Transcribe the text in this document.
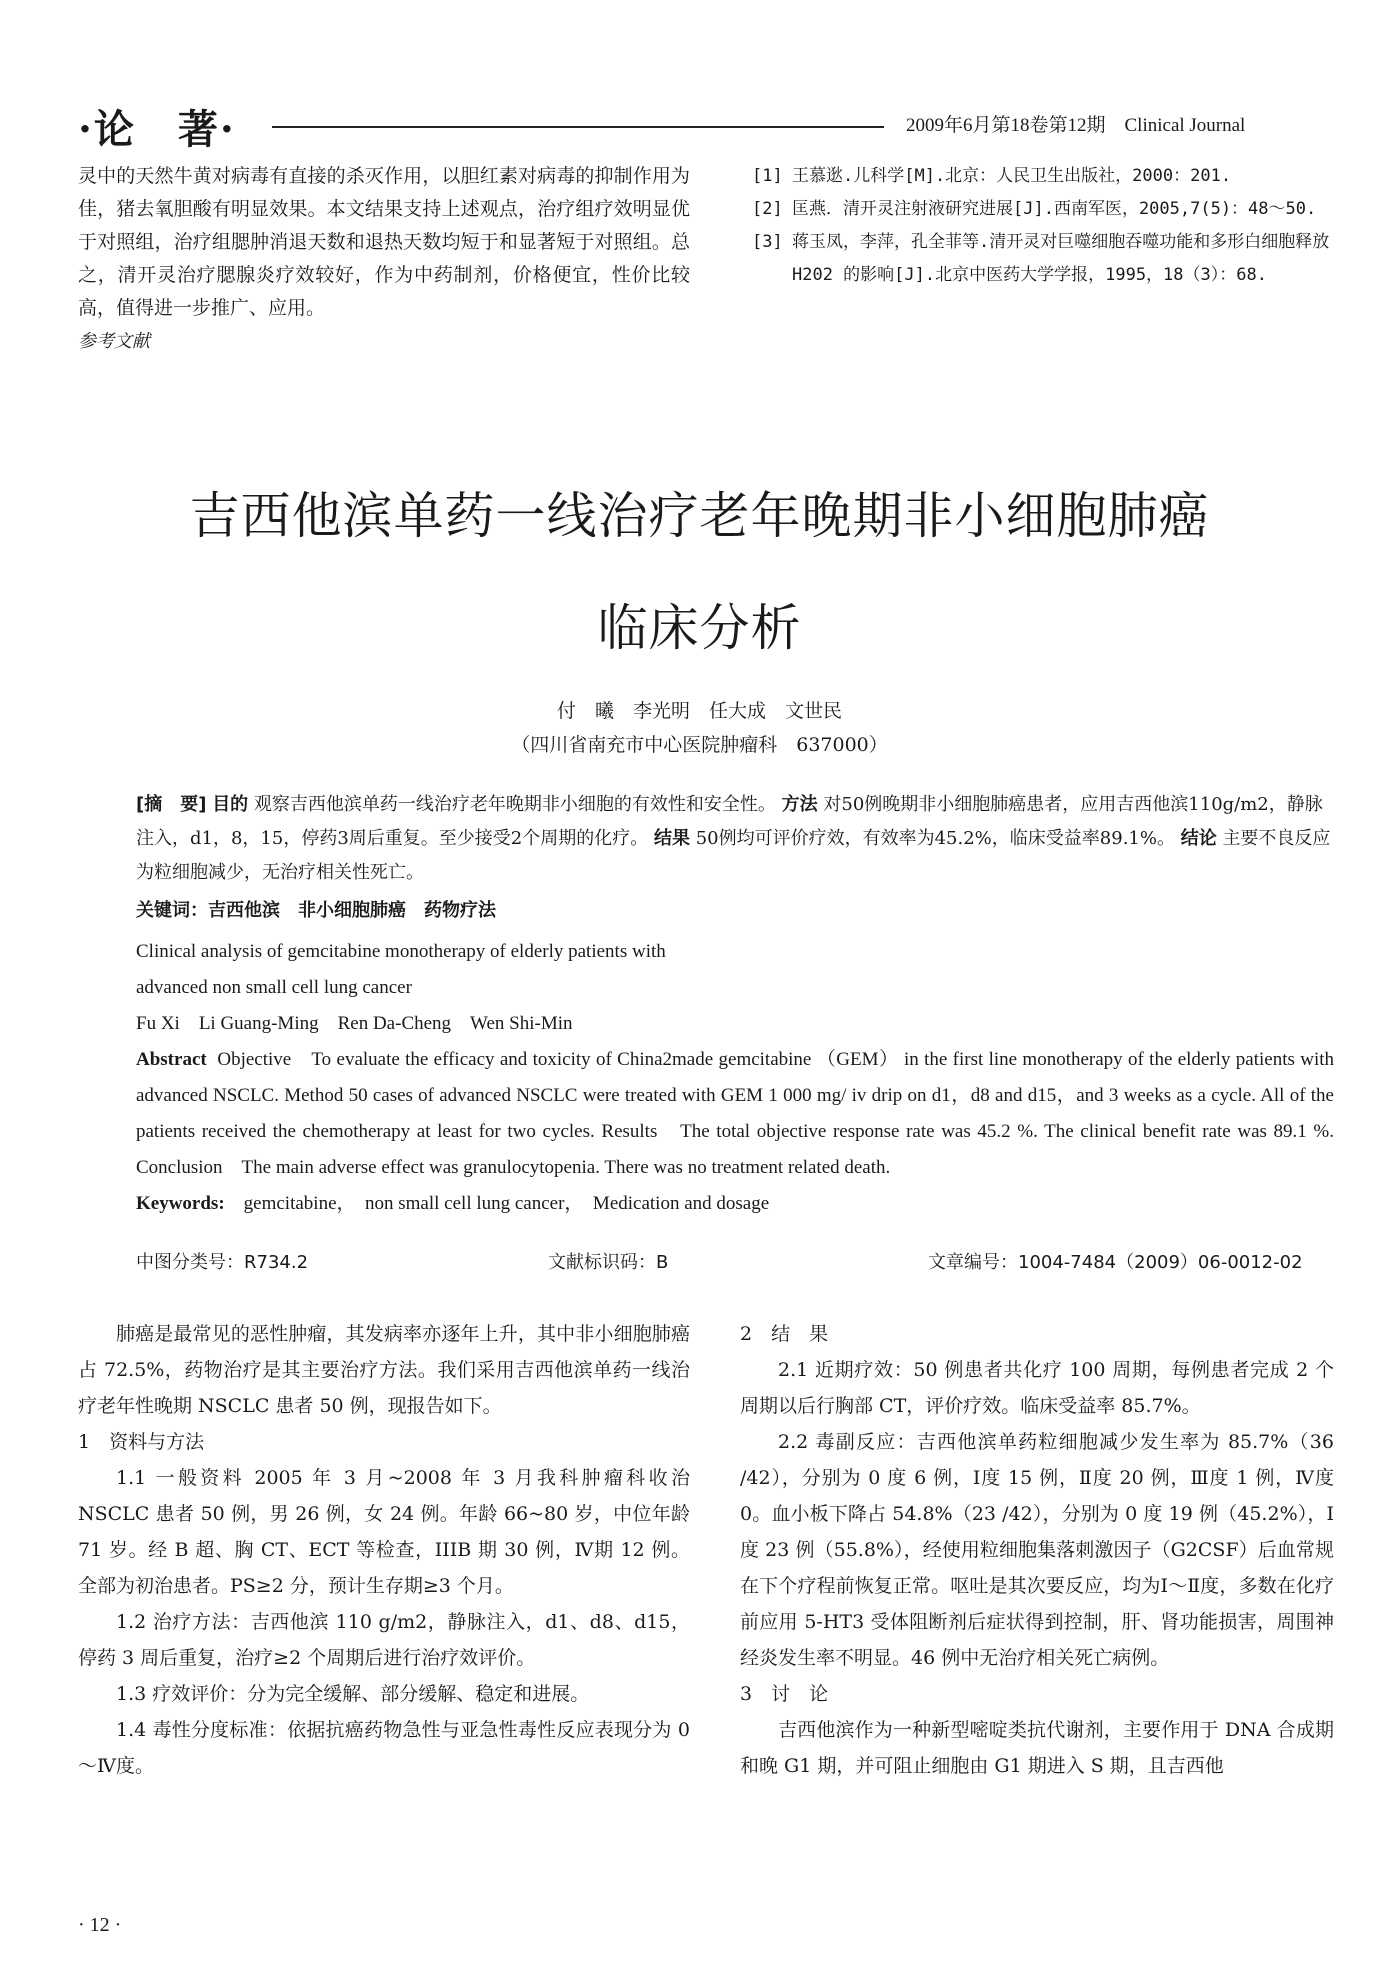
·论　著·	2009年6月第18卷第12期　Clinical Journal
灵中的天然牛黄对病毒有直接的杀灭作用，以胆红素对病毒的抑制作用为佳，猪去氧胆酸有明显效果。本文结果支持上述观点，治疗组疗效明显优于对照组，治疗组腮肿消退天数和退热天数均短于和显著短于对照组。总之，清开灵治疗腮腺炎疗效较好，作为中药制剂，价格便宜，性价比较高，值得进一步推广、应用。
参考文献
[1] 王慕逖.儿科学[M].北京：人民卫生出版社，2000：201.
[2] 匡燕．清开灵注射液研究进展[J].西南军医，2005,7(5)：48～50.
[3] 蒋玉凤，李萍，孔全菲等.清开灵对巨噬细胞吞噬功能和多形白细胞释放H202 的影响[J].北京中医药大学学报，1995，18（3）：68.
吉西他滨单药一线治疗老年晚期非小细胞肺癌
临床分析
付　曦　李光明　任大成　文世民
（四川省南充市中心医院肿瘤科　637000）
[摘　要] 目的 观察吉西他滨单药一线治疗老年晚期非小细胞的有效性和安全性。 方法 对50例晚期非小细胞肺癌患者，应用吉西他滨110g/m2，静脉注入，d1，8，15，停药3周后重复。至少接受2个周期的化疗。 结果 50例均可评价疗效，有效率为45.2%，临床受益率89.1%。 结论 主要不良反应为粒细胞减少，无治疗相关性死亡。
关键词：吉西他滨　非小细胞肺癌　药物疗法
Clinical analysis of gemcitabine monotherapy of elderly patients with
advanced non small cell lung cancer
Fu Xi　Li Guang-Ming　Ren Da-Cheng　Wen Shi-Min
Abstract Objective　To evaluate the efficacy and toxicity of China2made gemcitabine （GEM） in the first line monotherapy of the elderly patients with advanced NSCLC. Method 50 cases of advanced NSCLC were treated with GEM 1 000 mg/ iv drip on d1，d8 and d15，and 3 weeks as a cycle. All of the patients received the chemotherapy at least for two cycles. Results　The total objective response rate was 45.2 %. The clinical benefit rate was 89.1 %. Conclusion　The main adverse effect was granulocytopenia. There was no treatment related death.
Keywords: gemcitabine，　non small cell lung cancer，　Medication and dosage
中图分类号：R734.2	文献标识码：B	文章编号：1004-7484（2009）06-0012-02

肺癌是最常见的恶性肿瘤，其发病率亦逐年上升，其中非小细胞肺癌占 72.5%，药物治疗是其主要治疗方法。我们采用吉西他滨单药一线治疗老年性晚期 NSCLC 患者 50 例，现报告如下。

1　资料与方法

1.1 一般资料 2005 年 3 月~2008 年 3 月我科肿瘤科收治 NSCLC 患者 50 例，男 26 例，女 24 例。年龄 66~80 岁，中位年龄 71 岁。经 B 超、胸 CT、ECT 等检查，IIIB 期 30 例，Ⅳ期 12 例。全部为初治患者。PS≥2 分，预计生存期≥3 个月。

1.2 治疗方法：吉西他滨 110 g/m2，静脉注入，d1、d8、d15，停药 3 周后重复，治疗≥2 个周期后进行治疗效评价。

1.3 疗效评价：分为完全缓解、部分缓解、稳定和进展。

1.4 毒性分度标准：依据抗癌药物急性与亚急性毒性反应表现分为 0～Ⅳ度。

2　结　果

2.1 近期疗效：50 例患者共化疗 100 周期，每例患者完成 2 个周期以后行胸部 CT，评价疗效。临床受益率 85.7%。

2.2 毒副反应：吉西他滨单药粒细胞减少发生率为 85.7%（36 /42），分别为 0 度 6 例，Ⅰ度 15 例，Ⅱ度 20 例，Ⅲ度 1 例，Ⅳ度 0。血小板下降占 54.8%（23 /42），分别为 0 度 19 例（45.2%），Ⅰ度 23 例（55.8%），经使用粒细胞集落刺激因子（G2CSF）后血常规在下个疗程前恢复正常。呕吐是其次要反应，均为Ⅰ～Ⅱ度，多数在化疗前应用 5-HT3 受体阻断剂后症状得到控制，肝、肾功能损害，周围神经炎发生率不明显。46 例中无治疗相关死亡病例。

3　讨　论

吉西他滨作为一种新型嘧啶类抗代谢剂，主要作用于 DNA 合成期和晚 G1 期，并可阻止细胞由 G1 期进入 S 期，且吉西他

· 12 ·
